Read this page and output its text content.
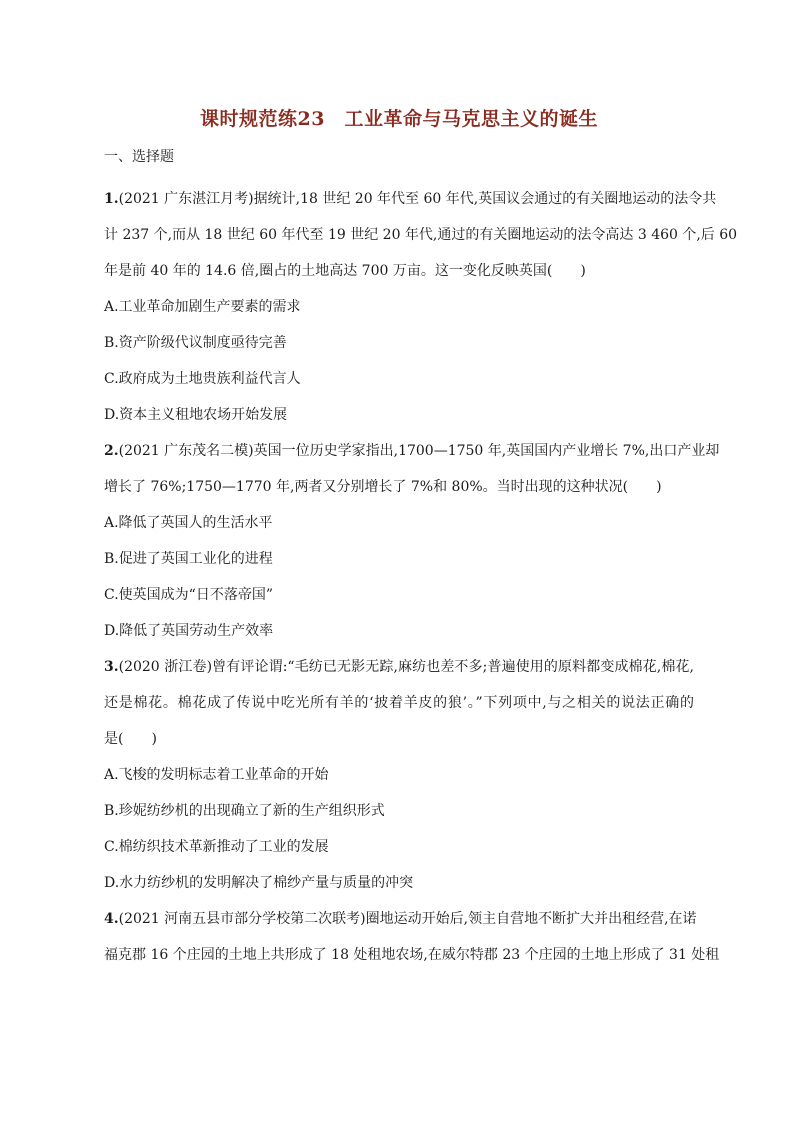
课时规范练23　工业革命与马克思主义的诞生
一、选择题

1.(2021 广东湛江月考)据统计,18 世纪 20 年代至 60 年代,英国议会通过的有关圈地运动的法令共

计 237 个,而从 18 世纪 60 年代至 19 世纪 20 年代,通过的有关圈地运动的法令高达 3 460 个,后 60

年是前 40 年的 14.6 倍,圈占的土地高达 700 万亩。这一变化反映英国(　　)

A.工业革命加剧生产要素的需求

B.资产阶级代议制度亟待完善

C.政府成为土地贵族利益代言人

D.资本主义租地农场开始发展

2.(2021 广东茂名二模)英国一位历史学家指出,1700—1750 年,英国国内产业增长 7%,出口产业却

增长了 76%;1750—1770 年,两者又分别增长了 7%和 80%。当时出现的这种状况(　　)

A.降低了英国人的生活水平

B.促进了英国工业化的进程

C.使英国成为“日不落帝国”

D.降低了英国劳动生产效率

3.(2020 浙江卷)曾有评论谓:“毛纺已无影无踪,麻纺也差不多;普遍使用的原料都变成棉花,棉花,

还是棉花。棉花成了传说中吃光所有羊的‘披着羊皮的狼’。”下列项中,与之相关的说法正确的

是(　　)

A.飞梭的发明标志着工业革命的开始

B.珍妮纺纱机的出现确立了新的生产组织形式

C.棉纺织技术革新推动了工业的发展

D.水力纺纱机的发明解决了棉纱产量与质量的冲突

4.(2021 河南五县市部分学校第二次联考)圈地运动开始后,领主自营地不断扩大并出租经营,在诺

福克郡 16 个庄园的土地上共形成了 18 处租地农场,在威尔特郡 23 个庄园的土地上形成了 31 处租
